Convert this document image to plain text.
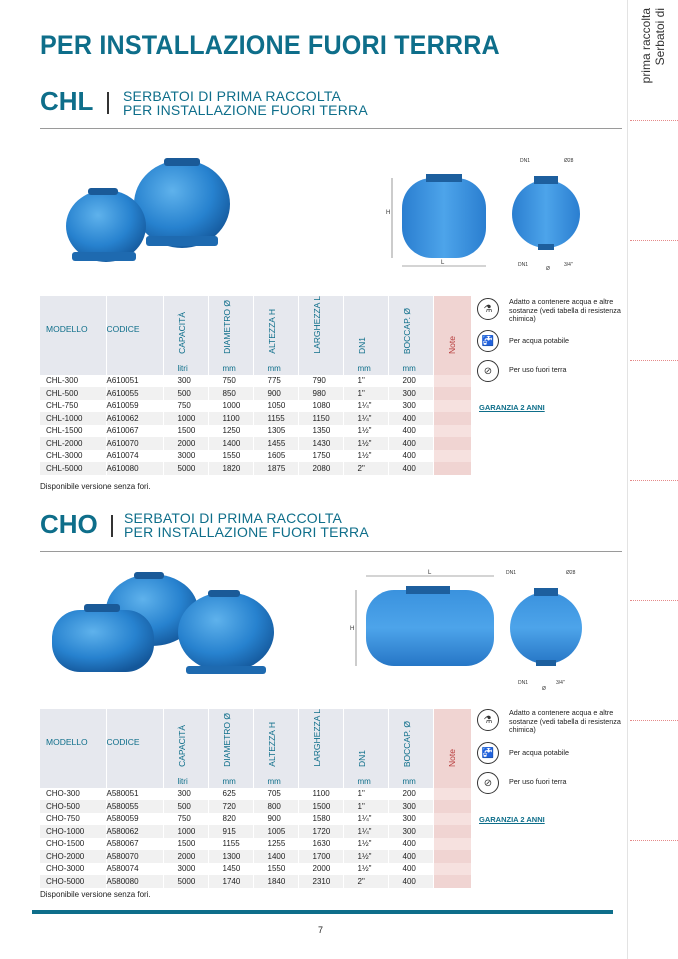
Serbatoi di
prima raccolta
PER INSTALLAZIONE FUORI TERRRA
CHL SERBATOI DI PRIMA RACCOLTA
PER INSTALLAZIONE FUORI TERRA
H
L
DN1	Ø28
DN1
Ø
3/4"
MODELLO	CODICE	CAPACITÀ	DIAMETRO Ø	ALTEZZA H	LARGHEZZA L	DN1	BOCCAP. Ø	Note
		litri	mm	mm		mm	mm	
CHL-300	A610051	300	750	775	790	1"	200	
CHL-500	A610055	500	850	900	980	1"	300	
CHL-750	A610059	750	1000	1050	1080	1¼"	300	
CHL-1000	A610062	1000	1100	1155	1150	1¼"	400	
CHL-1500	A610067	1500	1250	1305	1350	1½"	400	
CHL-2000	A610070	2000	1400	1455	1430	1½"	400	
CHL-3000	A610074	3000	1550	1605	1750	1½"	400	
CHL-5000	A610080	5000	1820	1875	2080	2"	400	
Disponibile versione senza fori.
⚗
Adatto a contenere acqua e altre sostanze (vedi tabella di resistenza chimica)
🚰	Per acqua potabile
⊘	Per uso fuori terra
GARANZIA 2 ANNI
CHO SERBATOI DI PRIMA RACCOLTA
PER INSTALLAZIONE FUORI TERRA
L
H
DN1	Ø28
DN1
Ø
3/4"
MODELLO	CODICE	CAPACITÀ	DIAMETRO Ø	ALTEZZA H	LARGHEZZA L	DN1	BOCCAP. Ø	Note
		litri	mm	mm		mm	mm	
CHO-300	A580051	300	625	705	1100	1"	200	
CHO-500	A580055	500	720	800	1500	1"	300	
CHO-750	A580059	750	820	900	1580	1¼"	300	
CHO-1000	A580062	1000	915	1005	1720	1¼"	300	
CHO-1500	A580067	1500	1155	1255	1630	1½"	400	
CHO-2000	A580070	2000	1300	1400	1700	1½"	400	
CHO-3000	A580074	3000	1450	1550	2000	1½"	400	
CHO-5000	A580080	5000	1740	1840	2310	2"	400	
Disponibile versione senza fori.
⚗
Adatto a contenere acqua e altre sostanze (vedi tabella di resistenza chimica)
🚰	Per acqua potabile
⊘	Per uso fuori terra
GARANZIA 2 ANNI
7
